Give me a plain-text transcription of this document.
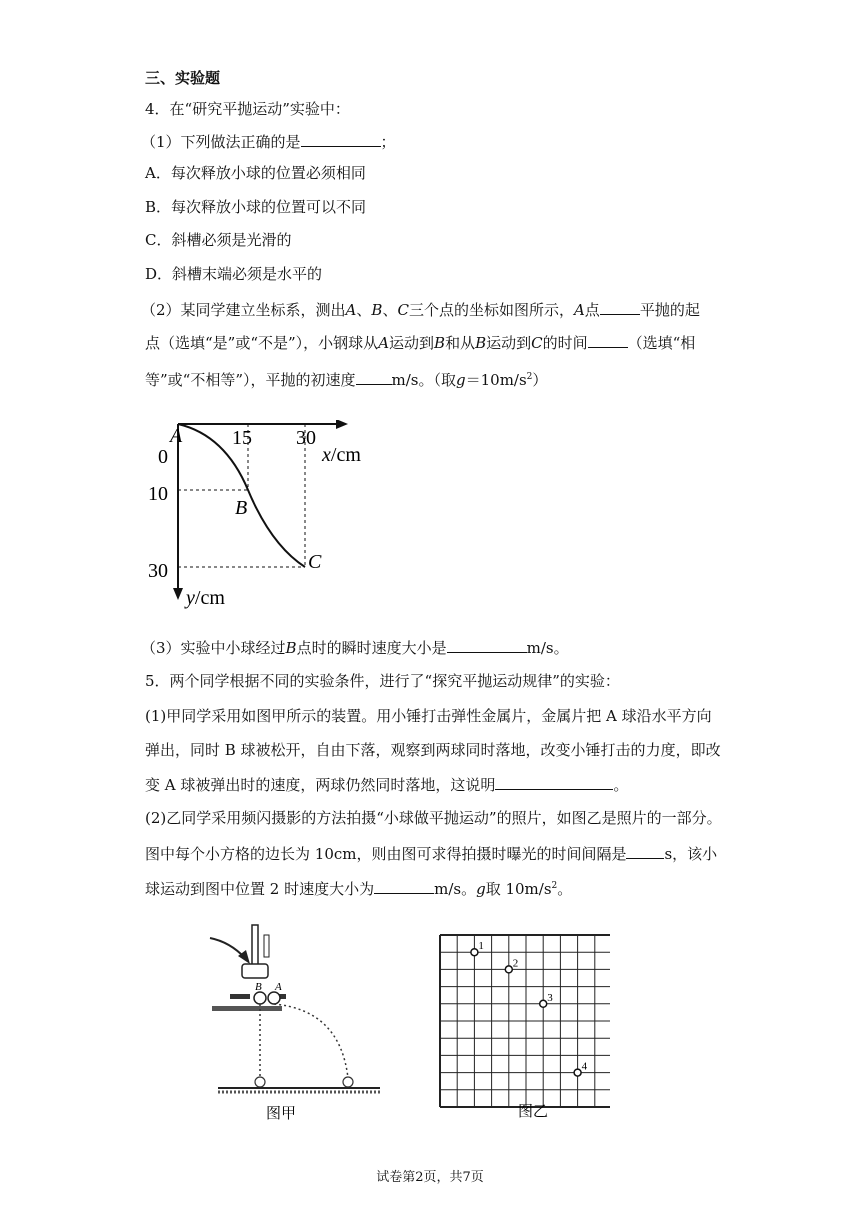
三、实验题
4．在“研究平抛运动”实验中：
（1）下列做法正确的是	；
A．每次释放小球的位置必须相同
B．每次释放小球的位置可以不同
C．斜槽必须是光滑的
D．斜槽末端必须是水平的
（2）某同学建立坐标系，测出A、B、C三个点的坐标如图所示，A点	平抛的起
点（选填“是”或“不是”），小钢球从A运动到B和从B运动到C的时间	（选填“相
等”或“不相等”），平抛的初速度 m/s。（取$g=10m/s^2$）
A
0
15 30
x/cm
10
B
30	C
y/cm
（3）实验中小球经过B点时的瞬时速度大小是	m/s。
5．两个同学根据不同的实验条件，进行了“探究平抛运动规律”的实验：
(1)甲同学采用如图甲所示的装置。用小锤打击弹性金属片，金属片把 A 球沿水平方向
弹出，同时 B 球被松开，自由下落，观察到两球同时落地，改变小锤打击的力度，即改
变 A 球被弹出时的速度，两球仍然同时落地，这说明	。
(2)乙同学采用频闪摄影的方法拍摄“小球做平抛运动”的照片，如图乙是照片的一部分。
图中每个小方格的边长为 10cm，则由图可求得拍摄时曝光的时间间隔是	s，该小
球运动到图中位置 2 时速度大小为	m/s。g取 $10m/s^2$。
B A
图甲
1
2
3
4
图乙
试卷第2页，共7页
